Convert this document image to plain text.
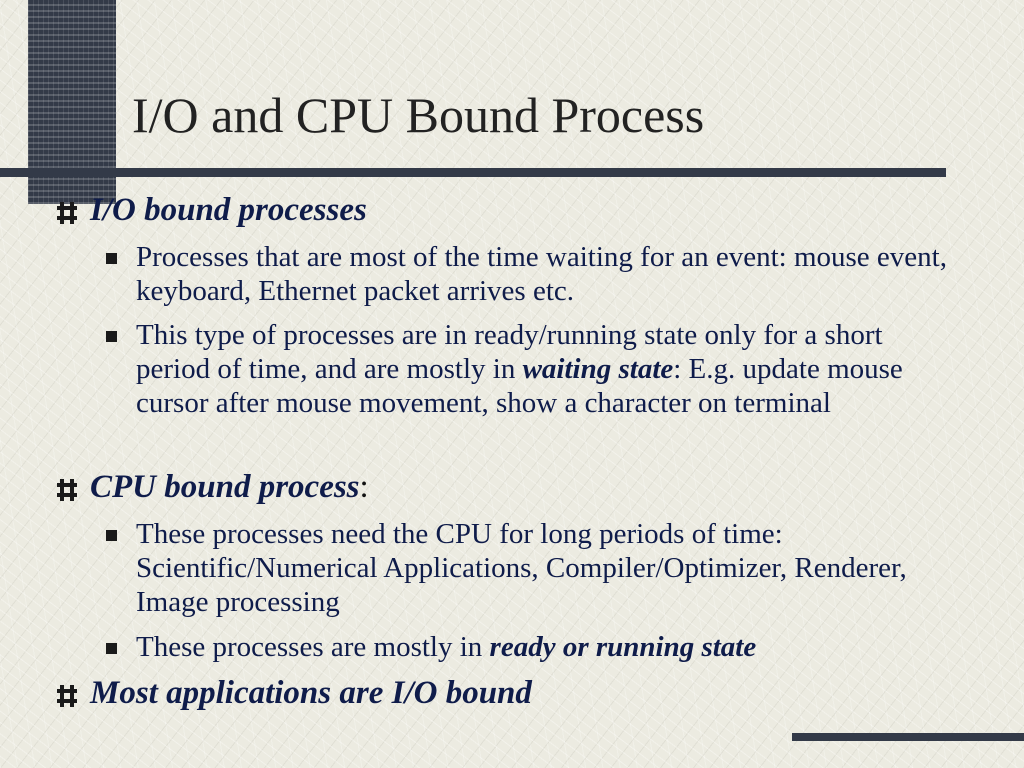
I/O and CPU Bound Process
I/O bound processes
Processes that are most of the time waiting for an event: mouse event, keyboard, Ethernet packet arrives etc.
This type of processes are in ready/running state only for a short period of time, and are mostly in waiting state: E.g. update mouse cursor after mouse movement, show a character on terminal
CPU bound process:
These processes need the CPU for long periods of time: Scientific/Numerical Applications, Compiler/Optimizer, Renderer, Image processing
These processes are mostly in ready or running state
Most applications are I/O bound
